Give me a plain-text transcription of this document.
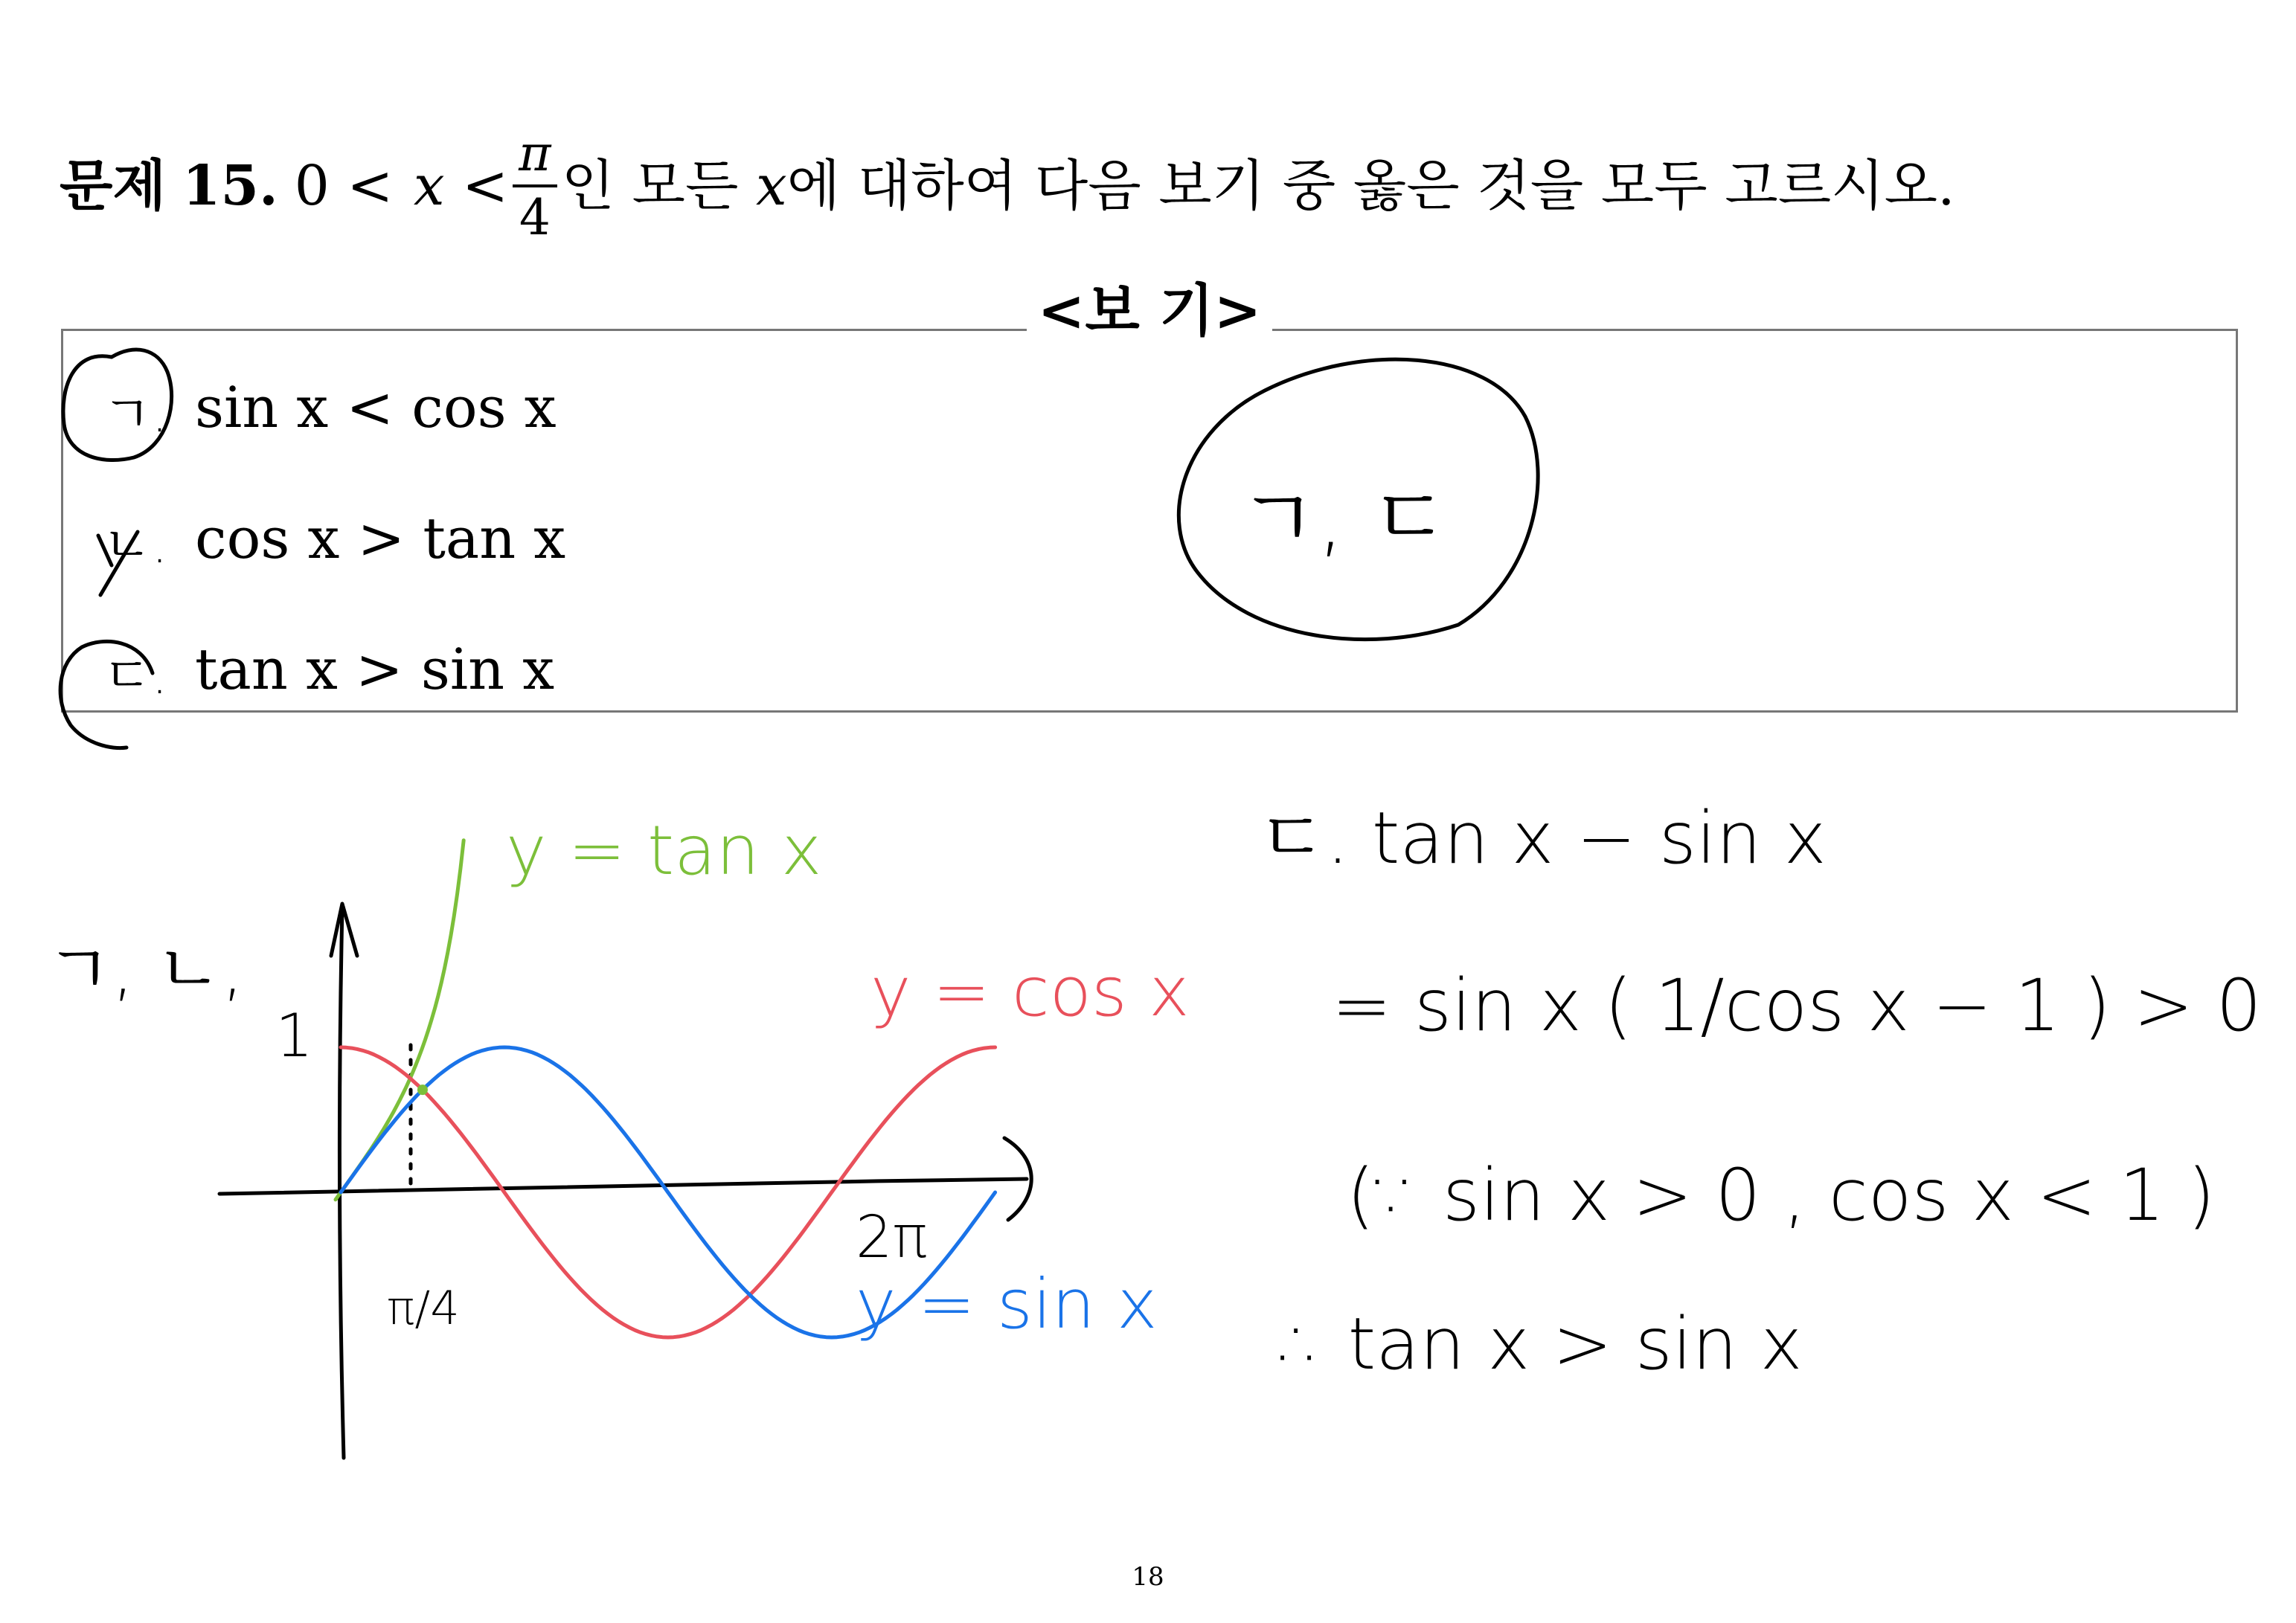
문제 15. 0 <
x
< $\frac{\pi}{4}$ 인 모든
x 에 대하여 다음 보기 중 옳은 것을 모두 고르시오.
<보 기>
sin x < cos x
cos x > tan x
tan x > sin x
ㄱ.
ㄴ.
ㄷ.
ㄱ, ㄷ
ㄱ, ㄴ,
1
π/4
2π
y = tan x
y = cos x
y = sin x
ㄷ. tan x − sin x
= sin x ( 1/cos x − 1 ) > 0
(∵ sin x > 0 , cos x < 1 )
∴ tan x > sin x
18
